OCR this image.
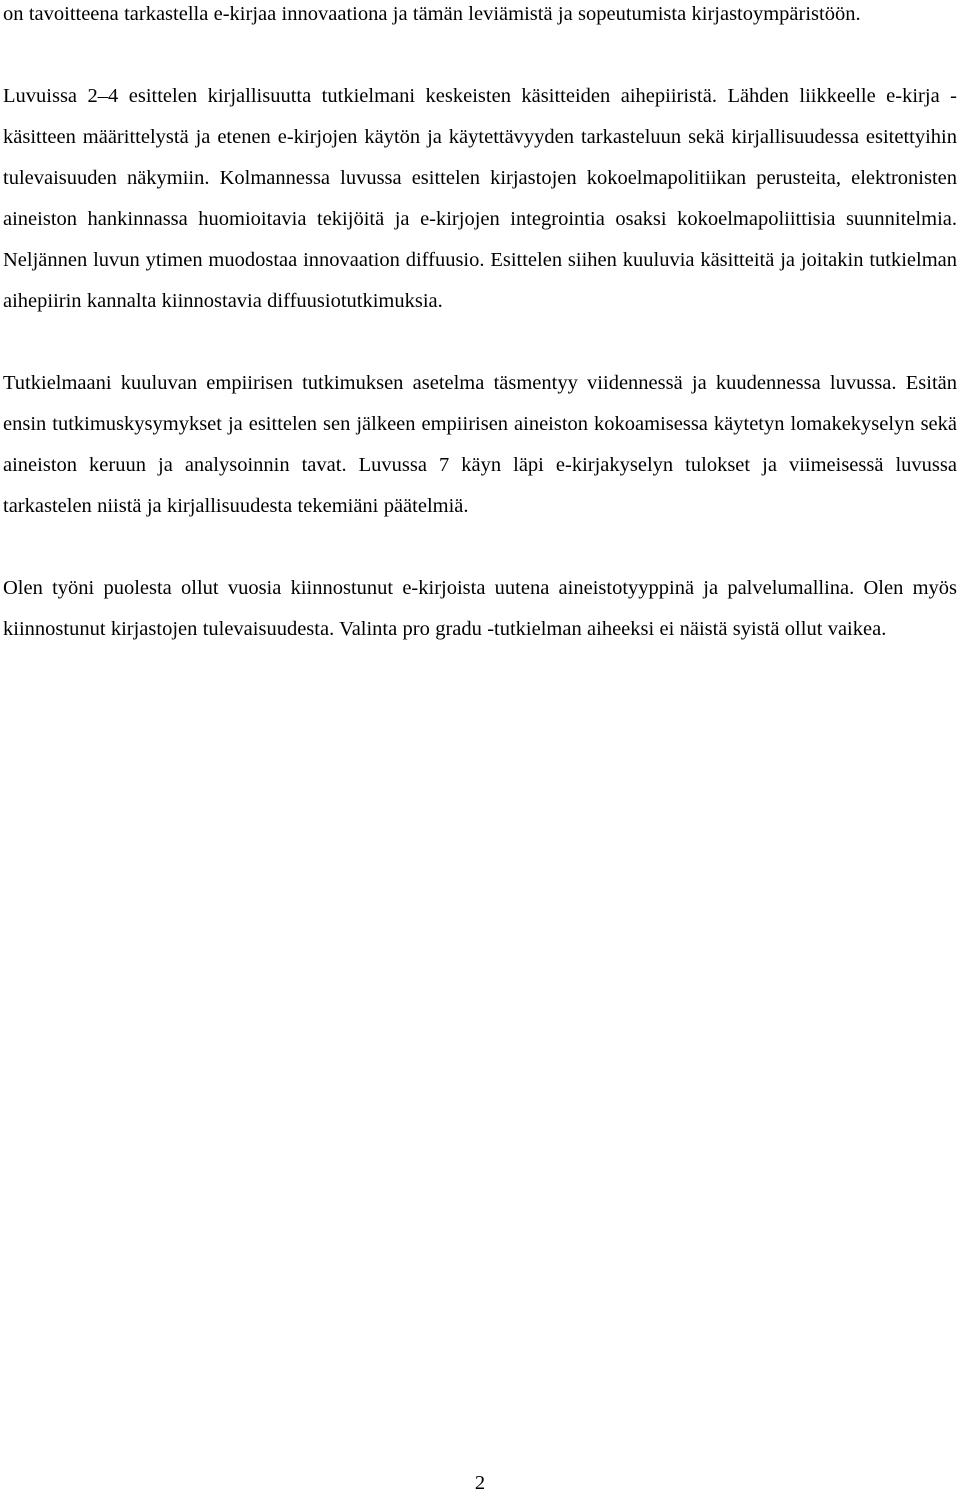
on tavoitteena tarkastella e-kirjaa innovaationa ja tämän leviämistä ja sopeutumista kirjastoympäristöön.

Luvuissa 2–4 esittelen kirjallisuutta tutkielmani keskeisten käsitteiden aihepiiristä. Lähden liikkeelle e-kirja -käsitteen määrittelystä ja etenen e-kirjojen käytön ja käytettävyyden tarkasteluun sekä kirjallisuudessa esitettyihin tulevaisuuden näkymiin. Kolmannessa luvussa esittelen kirjastojen kokoelmapolitiikan perusteita, elektronisten aineiston hankinnassa huomioitavia tekijöitä ja e-kirjojen integrointia osaksi kokoelmapoliittisia suunnitelmia. Neljännen luvun ytimen muodostaa innovaation diffuusio. Esittelen siihen kuuluvia käsitteitä ja joitakin tutkielman aihepiirin kannalta kiinnostavia diffuusiotutkimuksia.

Tutkielmaani kuuluvan empiirisen tutkimuksen asetelma täsmentyy viidennessä ja kuudennessa luvussa. Esitän ensin tutkimuskysymykset ja esittelen sen jälkeen empiirisen aineiston kokoamisessa käytetyn lomakekyselyn sekä aineiston keruun ja analysoinnin tavat. Luvussa 7 käyn läpi e-kirjakyselyn tulokset ja viimeisessä luvussa tarkastelen niistä ja kirjallisuudesta tekemiäni päätelmiä.

Olen työni puolesta ollut vuosia kiinnostunut e-kirjoista uutena aineistotyyppinä ja palvelumallina. Olen myös kiinnostunut kirjastojen tulevaisuudesta. Valinta pro gradu -tutkielman aiheeksi ei näistä syistä ollut vaikea.

2
